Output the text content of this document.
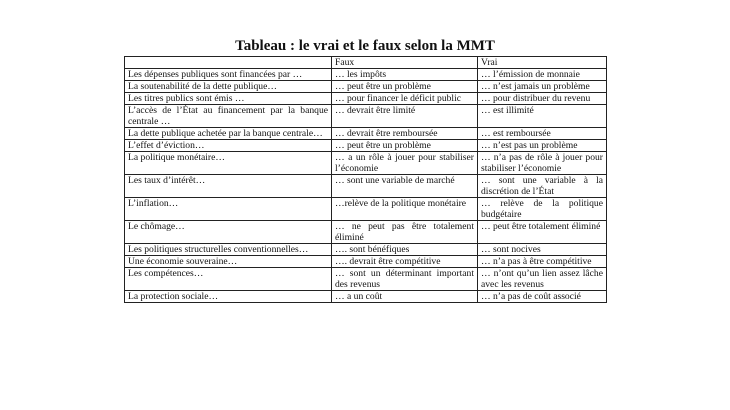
Tableau : le vrai et le faux selon la MMT
	Faux	Vrai
Les dépenses publiques sont financées par …	… les impôts	… l’émission de monnaie
La soutenabilité de la dette publique…	… peut être un problème	… n’est jamais un problème
Les titres publics sont émis …	… pour financer le déficit public	… pour distribuer du revenu
L’accès de l’État au financement par la banque centrale …	… devrait être limité	… est illimité
La dette publique achetée par la banque centrale…	… devrait être remboursée	… est remboursée
L’effet d’éviction…	… peut être un problème	… n’est pas un problème
La politique monétaire…	… a un rôle à jouer pour stabiliser l’économie	… n’a pas de rôle à jouer pour stabiliser l’économie
Les taux d’intérêt…	… sont une variable de marché	… sont une variable à la discrétion de l’État
L’inflation…	…relève de la politique monétaire	… relève de la politique budgétaire
Le chômage…	… ne peut pas être totalement éliminé	… peut être totalement éliminé
Les politiques structurelles conventionnelles…	…. sont bénéfiques	… sont nocives
Une économie souveraine…	…. devrait être compétitive	… n’a pas à être compétitive
Les compétences…	… sont un déterminant important des revenus	… n’ont qu’un lien assez lâche avec les revenus
La protection sociale…	… a un coût	… n’a pas de coût associé
